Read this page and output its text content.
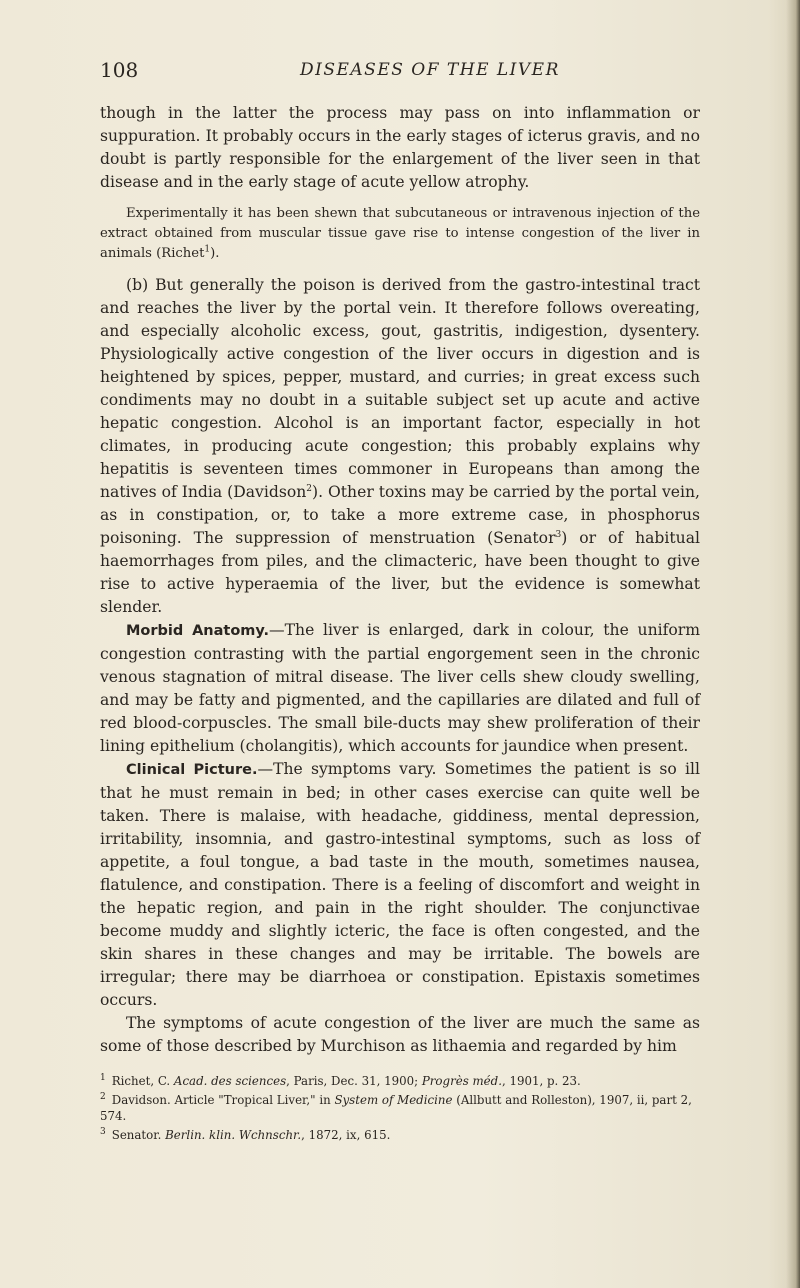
108	DISEASES OF THE LIVER

though in the latter the process may pass on into inflammation or suppuration. It probably occurs in the early stages of icterus gravis, and no doubt is partly responsible for the enlargement of the liver seen in that disease and in the early stage of acute yellow atrophy.

Experimentally it has been shewn that subcutaneous or intravenous injection of the extract obtained from muscular tissue gave rise to intense congestion of the liver in animals (Richet$^1$).

(b) But generally the poison is derived from the gastro-intestinal tract and reaches the liver by the portal vein. It therefore follows overeating, and especially alcoholic excess, gout, gastritis, indigestion, dysentery. Physiologically active congestion of the liver occurs in digestion and is heightened by spices, pepper, mustard, and curries; in great excess such condiments may no doubt in a suitable subject set up acute and active hepatic congestion. Alcohol is an important factor, especially in hot climates, in producing acute congestion; this probably explains why hepatitis is seventeen times commoner in Europeans than among the natives of India (Davidson$^2$). Other toxins may be carried by the portal vein, as in constipation, or, to take a more extreme case, in phosphorus poisoning. The suppression of menstruation (Senator$^3$) or of habitual haemorrhages from piles, and the climacteric, have been thought to give rise to active hyperaemia of the liver, but the evidence is somewhat slender.

Morbid Anatomy.—The liver is enlarged, dark in colour, the uniform congestion contrasting with the partial engorgement seen in the chronic venous stagnation of mitral disease. The liver cells shew cloudy swelling, and may be fatty and pigmented, and the capillaries are dilated and full of red blood-corpuscles. The small bile-ducts may shew proliferation of their lining epithelium (cholangitis), which accounts for jaundice when present.

Clinical Picture.—The symptoms vary. Sometimes the patient is so ill that he must remain in bed; in other cases exercise can quite well be taken. There is malaise, with headache, giddiness, mental depression, irritability, insomnia, and gastro-intestinal symptoms, such as loss of appetite, a foul tongue, a bad taste in the mouth, sometimes nausea, flatulence, and constipation. There is a feeling of discomfort and weight in the hepatic region, and pain in the right shoulder. The conjunctivae become muddy and slightly icteric, the face is often congested, and the skin shares in these changes and may be irritable. The bowels are irregular; there may be diarrhoea or constipation. Epistaxis sometimes occurs.

The symptoms of acute congestion of the liver are much the same as some of those described by Murchison as lithaemia and regarded by him

$^1$ Richet, C. Acad. des sciences, Paris, Dec. 31, 1900; Progrès méd., 1901, p. 23.
$^2$ Davidson. Article "Tropical Liver," in System of Medicine (Allbutt and Rolleston), 1907, ii, part 2, 574.
$^3$ Senator. Berlin. klin. Wchnschr., 1872, ix, 615.
